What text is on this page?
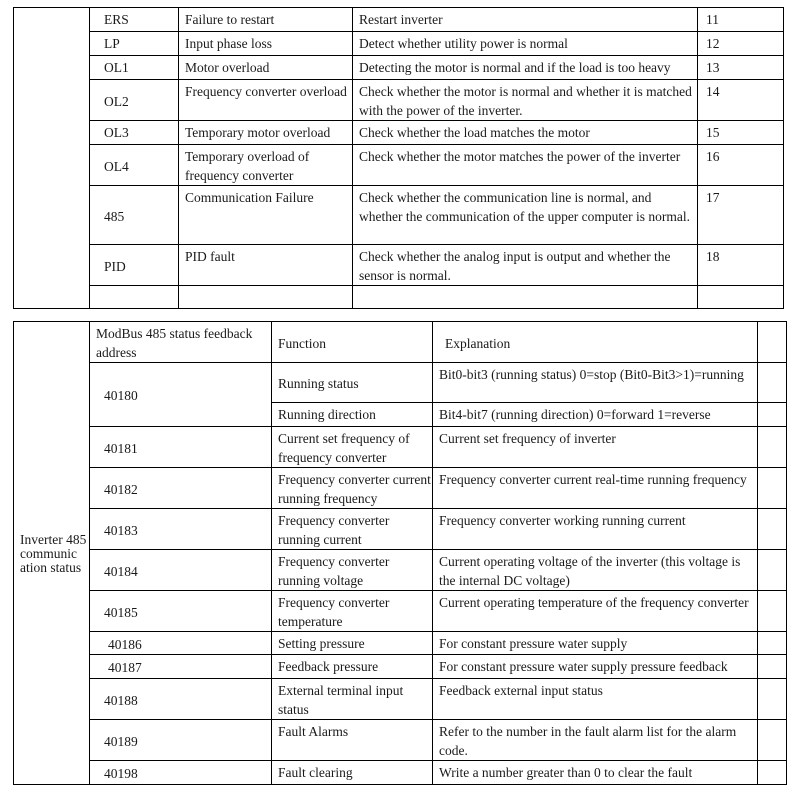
	ERS	Failure to restart	Restart inverter	11	
	LP	Input phase loss	Detect whether utility power is normal	12	
	OL1	Motor overload	Detecting the motor is normal and if the load is too heavy	13	
	OL2	Frequency converter overload	Check whether the motor is normal and whether it is matched with the power of the inverter.	14	
	OL3	Temporary motor overload	Check whether the load matches the motor	15	
	OL4	Temporary overload of frequency converter	Check whether the motor matches the power of the inverter	16	
	485	Communication Failure	Check whether the communication line is normal, and whether the communication of the upper computer is normal.	17	
	PID	PID fault	Check whether the analog input is output and whether the sensor is normal.	18	

Inverter 485 communic ation status	ModBus 485 status feedback address	Function	Explanation	
	40180	Running status	Bit0-bit3 (running status) 0=stop (Bit0-Bit3>1)=running	
		Running direction	Bit4-bit7 (running direction) 0=forward 1=reverse	
	40181	Current set frequency of frequency converter	Current set frequency of inverter	
	40182	Frequency converter current running frequency	Frequency converter current real-time running frequency	
	40183	Frequency converter running current	Frequency converter working running current	
	40184	Frequency converter running voltage	Current operating voltage of the inverter (this voltage is the internal DC voltage)	
	40185	Frequency converter temperature	Current operating temperature of the frequency converter	
	40186	Setting pressure	For constant pressure water supply	
	40187	Feedback pressure	For constant pressure water supply pressure feedback	
	40188	External terminal input status	Feedback external input status	
	40189	Fault Alarms	Refer to the number in the fault alarm list for the alarm code.	
	40198	Fault clearing	Write a number greater than 0 to clear the fault	
